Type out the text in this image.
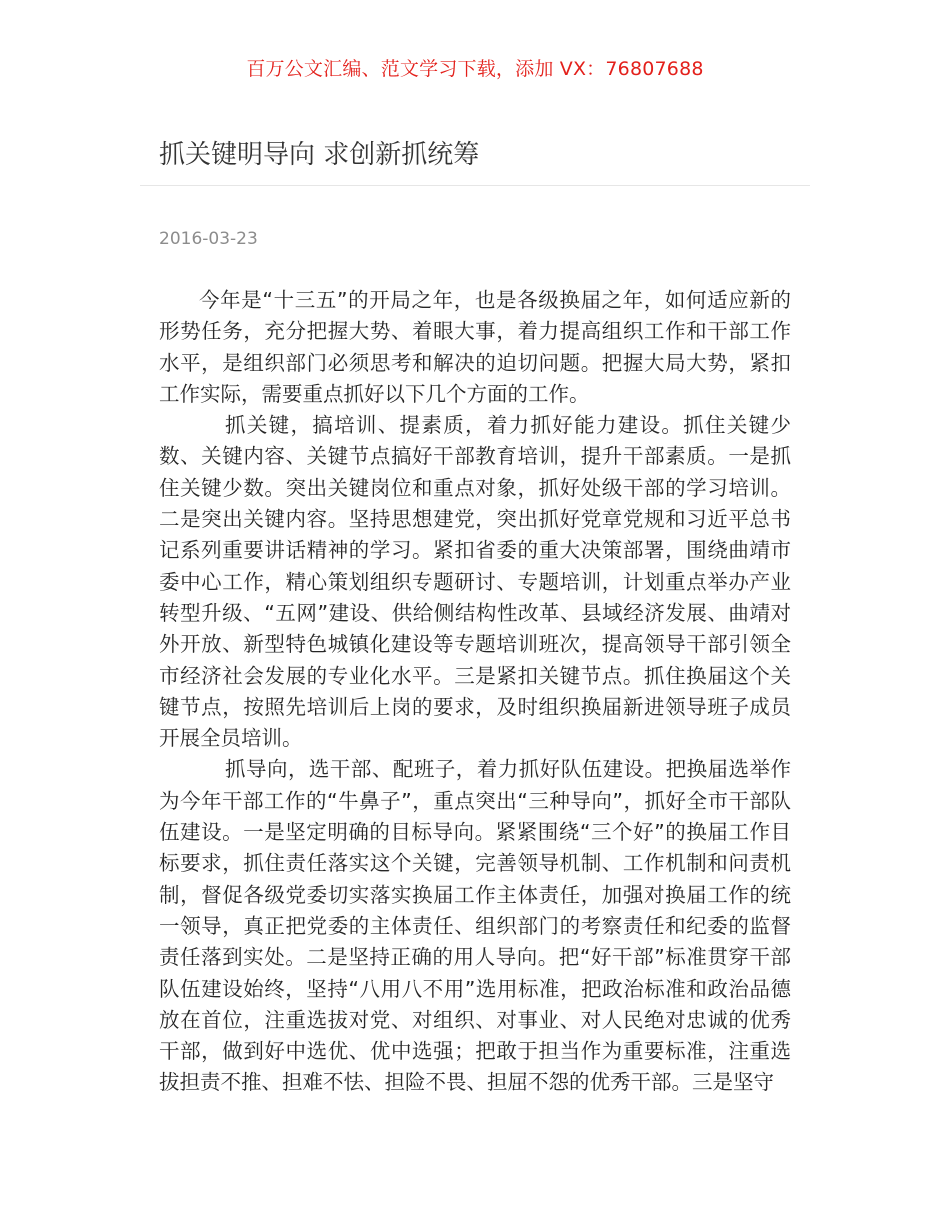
百万公文汇编、范文学习下载，添加 VX：76807688
抓关键明导向 求创新抓统筹
2016-03-23

今年是“十三五”的开局之年，也是各级换届之年，如何适应新的形势任务，充分把握大势、着眼大事，着力提高组织工作和干部工作水平，是组织部门必须思考和解决的迫切问题。把握大局大势，紧扣工作实际，需要重点抓好以下几个方面的工作。

抓关键，搞培训、提素质，着力抓好能力建设。抓住关键少数、关键内容、关键节点搞好干部教育培训，提升干部素质。一是抓住关键少数。突出关键岗位和重点对象，抓好处级干部的学习培训。二是突出关键内容。坚持思想建党，突出抓好党章党规和习近平总书记系列重要讲话精神的学习。紧扣省委的重大决策部署，围绕曲靖市委中心工作，精心策划组织专题研讨、专题培训，计划重点举办产业转型升级、“五网”建设、供给侧结构性改革、县域经济发展、曲靖对外开放、新型特色城镇化建设等专题培训班次，提高领导干部引领全市经济社会发展的专业化水平。三是紧扣关键节点。抓住换届这个关键节点，按照先培训后上岗的要求，及时组织换届新进领导班子成员开展全员培训。

抓导向，选干部、配班子，着力抓好队伍建设。把换届选举作为今年干部工作的“牛鼻子”，重点突出“三种导向”，抓好全市干部队伍建设。一是坚定明确的目标导向。紧紧围绕“三个好”的换届工作目标要求，抓住责任落实这个关键，完善领导机制、工作机制和问责机制，督促各级党委切实落实换届工作主体责任，加强对换届工作的统一领导，真正把党委的主体责任、组织部门的考察责任和纪委的监督责任落到实处。二是坚持正确的用人导向。把“好干部”标准贯穿干部队伍建设始终，坚持“八用八不用”选用标准，把政治标准和政治品德放在首位，注重选拔对党、对组织、对事业、对人民绝对忠诚的优秀干部，做到好中选优、优中选强；把敢于担当作为重要标准，注重选拔担责不推、担难不怯、担险不畏、担屈不怨的优秀干部。三是坚守
